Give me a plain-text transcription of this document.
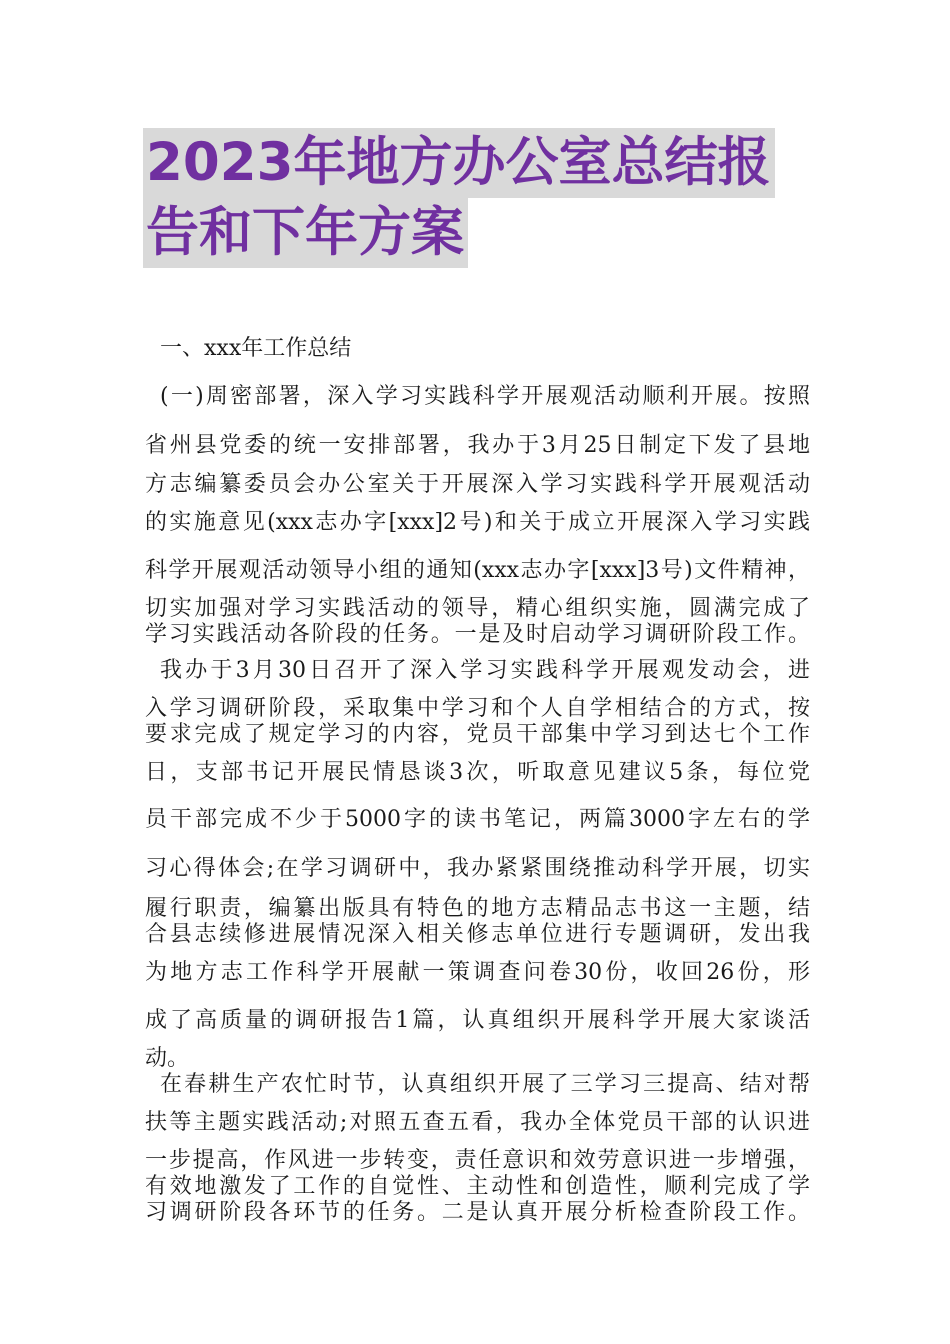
2023年地方办公室总结报
告和下年方案
一、xxx年工作总结
(一)周密部署，深入学习实践科学开展观活动顺利开展。按照
省州县党委的统一安排部署，我办于3月25日制定下发了县地
方志编纂委员会办公室关于开展深入学习实践科学开展观活动
的实施意见(xxx志办字[xxx]2号)和关于成立开展深入学习实践
科学开展观活动领导小组的通知(xxx志办字[xxx]3号)文件精神，
切实加强对学习实践活动的领导，精心组织实施，圆满完成了
学习实践活动各阶段的任务。一是及时启动学习调研阶段工作。
我办于3月30日召开了深入学习实践科学开展观发动会，进
入学习调研阶段，采取集中学习和个人自学相结合的方式，按
要求完成了规定学习的内容，党员干部集中学习到达七个工作
日，支部书记开展民情恳谈3次，听取意见建议5条，每位党
员干部完成不少于5000字的读书笔记，两篇3000字左右的学
习心得体会;在学习调研中，我办紧紧围绕推动科学开展，切实
履行职责，编纂出版具有特色的地方志精品志书这一主题，结
合县志续修进展情况深入相关修志单位进行专题调研，发出我
为地方志工作科学开展献一策调查问卷30份，收回26份，形
成了高质量的调研报告1篇，认真组织开展科学开展大家谈活
动。
在春耕生产农忙时节，认真组织开展了三学习三提高、结对帮
扶等主题实践活动;对照五查五看，我办全体党员干部的认识进
一步提高，作风进一步转变，责任意识和效劳意识进一步增强，
有效地激发了工作的自觉性、主动性和创造性，顺利完成了学
习调研阶段各环节的任务。二是认真开展分析检查阶段工作。
